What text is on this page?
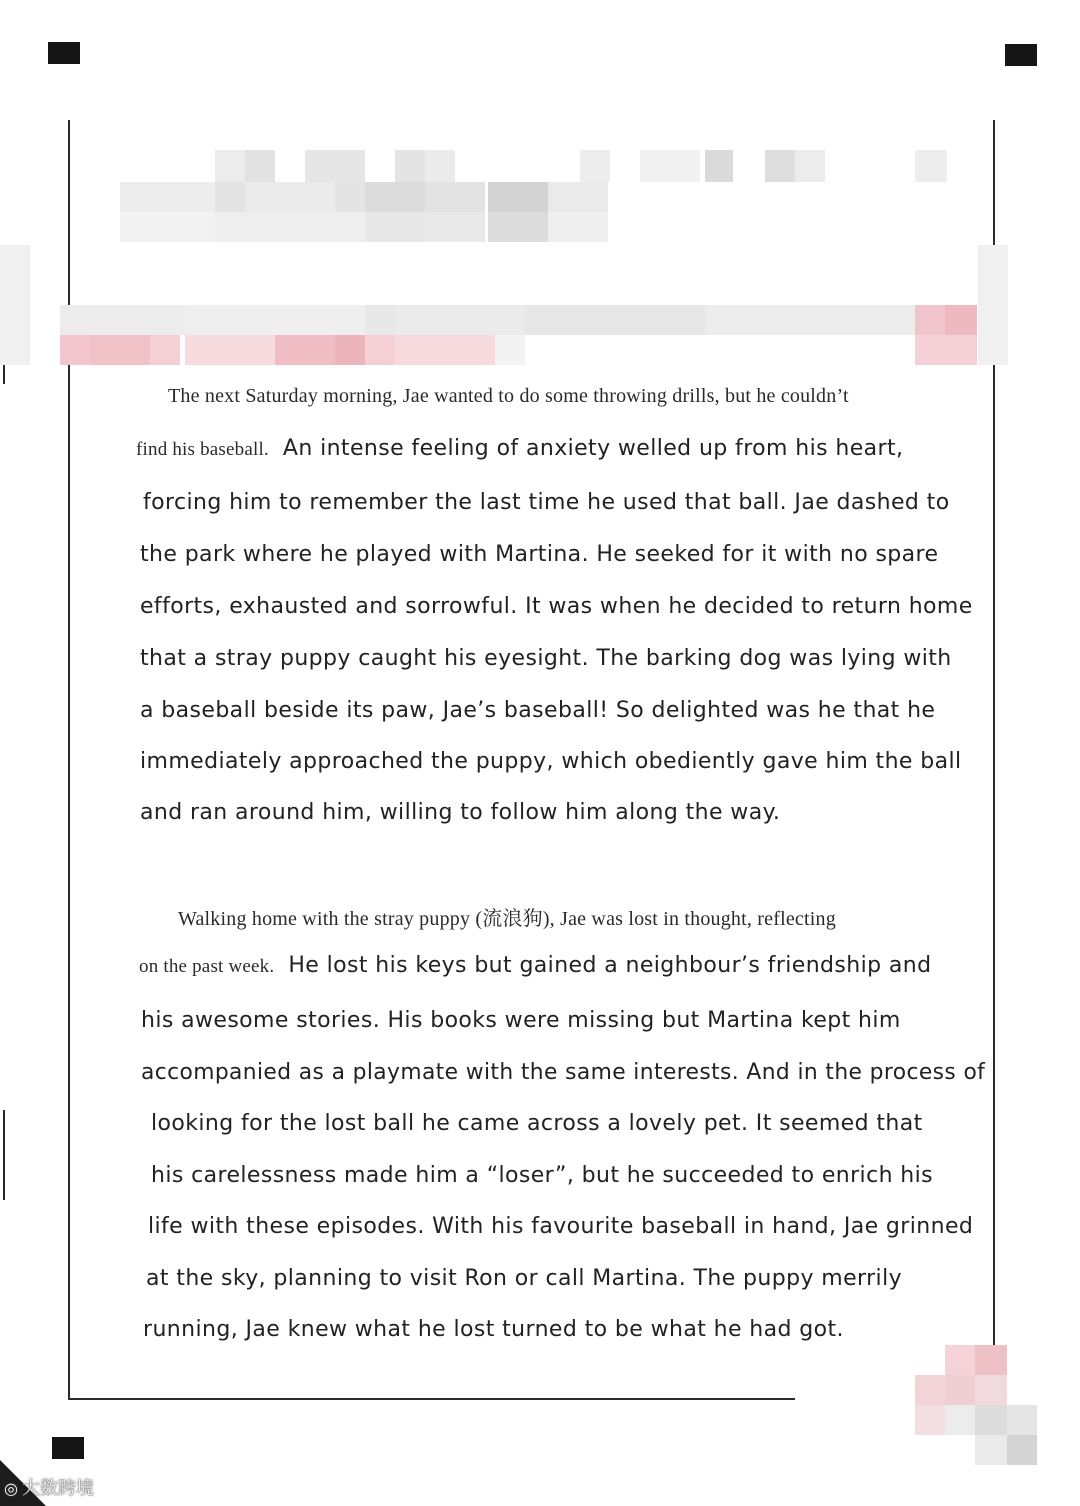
The next Saturday morning, Jae wanted to do some throwing drills, but he couldn’t
find his baseball. An intense feeling of anxiety welled up from his heart,
forcing him to remember the last time he used that ball. Jae dashed to
the park where he played with Martina. He seeked for it with no spare
efforts, exhausted and sorrowful. It was when he decided to return home
that a stray puppy caught his eyesight. The barking dog was lying with
a baseball beside its paw, Jae’s baseball! So delighted was he that he
immediately approached the puppy, which obediently gave him the ball
and ran around him, willing to follow him along the way.
Walking home with the stray puppy (流浪狗), Jae was lost in thought, reflecting
on the past week. He lost his keys but gained a neighbour’s friendship and
his awesome stories. His books were missing but Martina kept him
accompanied as a playmate with the same interests. And in the process of
looking for the lost ball he came across a lovely pet. It seemed that
his carelessness made him a “loser”, but he succeeded to enrich his
life with these episodes. With his favourite baseball in hand, Jae grinned
at the sky, planning to visit Ron or call Martina. The puppy merrily
running, Jae knew what he lost turned to be what he had got.
◎ 大数跨境
